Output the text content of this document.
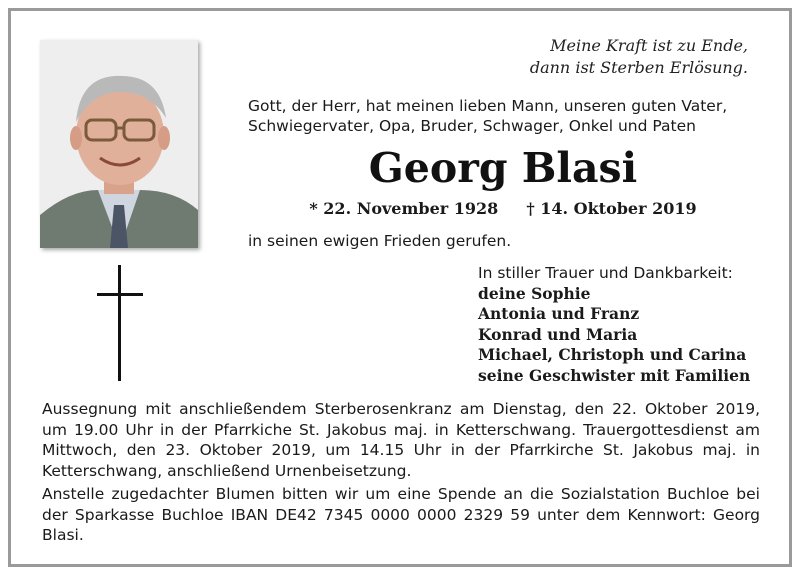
Meine Kraft ist zu Ende,
dann ist Sterben Erlösung.
Gott, der Herr, hat meinen lieben Mann, unseren guten Vater,
Schwiegervater, Opa, Bruder, Schwager, Onkel und Paten
Georg Blasi
* 22. November 1928 † 14. Oktober 2019
in seinen ewigen Frieden gerufen.
In stiller Trauer und Dankbarkeit:
deine Sophie
Antonia und Franz
Konrad und Maria
Michael, Christoph und Carina
seine Geschwister mit Familien
Aussegnung mit anschließendem Sterberosenkranz am Dienstag, den 22. Oktober 2019, um 19.00 Uhr in der Pfarrkiche St. Jakobus maj. in Ketterschwang. Trauergottesdienst am Mittwoch, den 23. Oktober 2019, um 14.15 Uhr in der Pfarrkirche St. Jakobus maj. in Ketterschwang, anschließend Urnenbeisetzung.
Anstelle zugedachter Blumen bitten wir um eine Spende an die Sozialstation Buchloe bei der Sparkasse Buchloe IBAN DE42 7345 0000 0000 2329 59 unter dem Kennwort: Georg Blasi.
